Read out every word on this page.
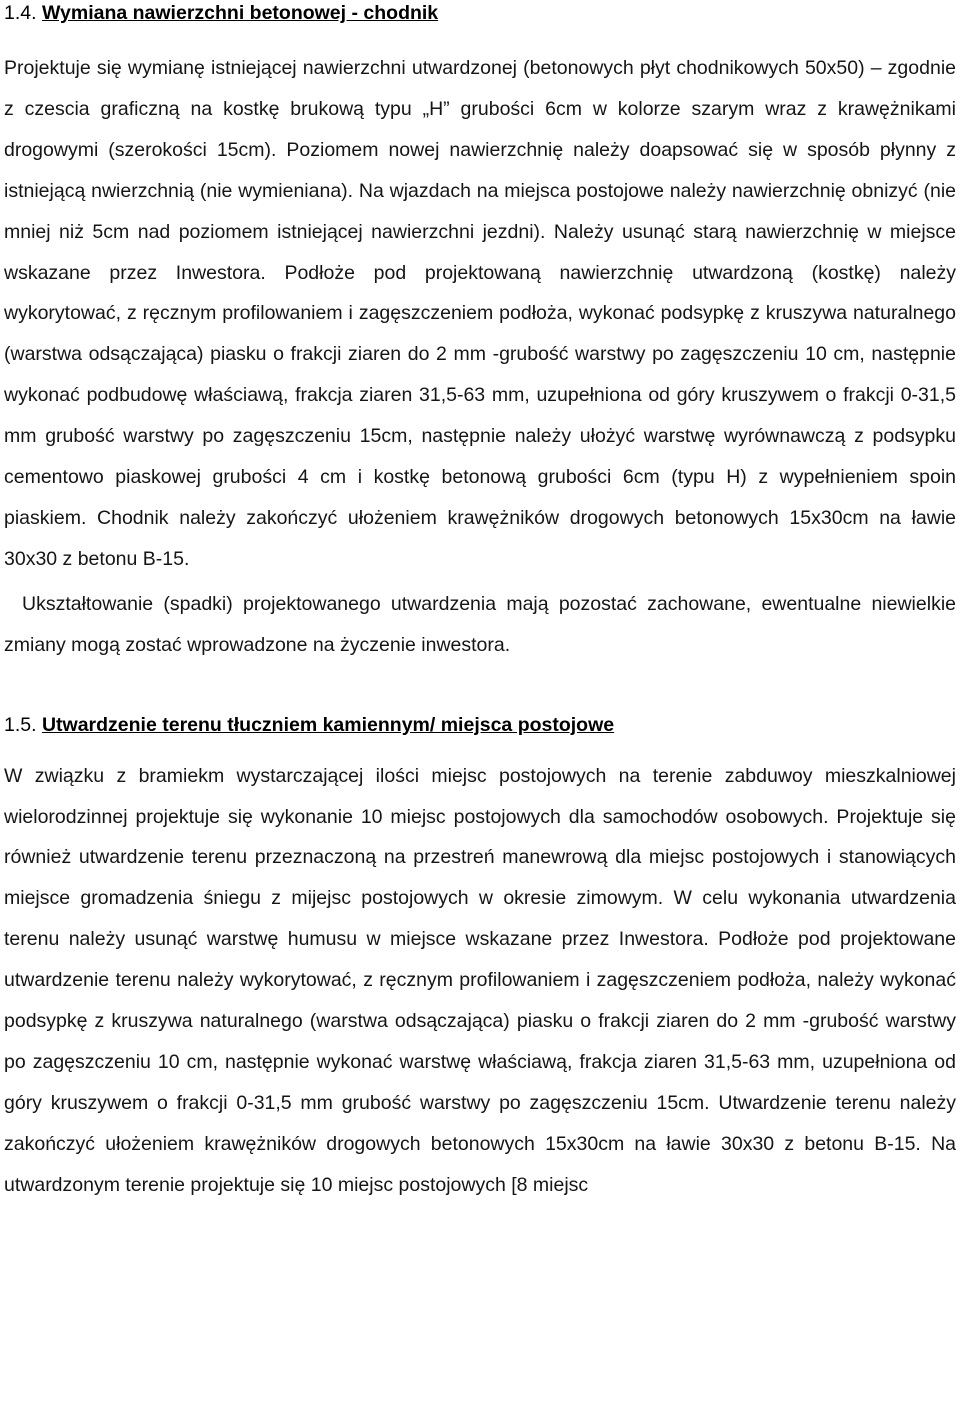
1.4. Wymiana nawierzchni betonowej - chodnik

Projektuje się wymianę istniejącej nawierzchni utwardzonej (betonowych płyt chodnikowych 50x50) – zgodnie z czescia graficzną na kostkę brukową typu „H” grubości 6cm w kolorze szarym wraz z krawężnikami drogowymi (szerokości 15cm). Poziomem nowej nawierzchnię należy doapsować się w sposób płynny z istniejącą nwierzchnią (nie wymieniana). Na wjazdach na miejsca postojowe należy nawierzchnię obnizyć (nie mniej niż 5cm nad poziomem istniejącej nawierzchni jezdni). Należy usunąć starą nawierzchnię w miejsce wskazane przez Inwestora. Podłoże pod projektowaną nawierzchnię utwardzoną (kostkę) należy wykorytować, z ręcznym profilowaniem i zagęszczeniem podłoża, wykonać podsypkę z kruszywa naturalnego (warstwa odsączająca) piasku o frakcji ziaren do 2 mm -grubość warstwy po zagęszczeniu 10 cm, następnie wykonać podbudowę właściawą, frakcja ziaren 31,5-63 mm, uzupełniona od góry kruszywem o frakcji 0-31,5 mm grubość warstwy po zagęszczeniu 15cm, następnie należy ułożyć warstwę wyrównawczą z podsypku cementowo piaskowej grubości 4 cm i kostkę betonową grubości 6cm (typu H) z wypełnieniem spoin piaskiem. Chodnik należy zakończyć ułożeniem krawężników drogowych betonowych 15x30cm na ławie 30x30 z betonu B-15.

Ukształtowanie (spadki) projektowanego utwardzenia mają pozostać zachowane, ewentualne niewielkie zmiany mogą zostać wprowadzone na życzenie inwestora.

1.5. Utwardzenie terenu tłuczniem kamiennym/ miejsca postojowe

W związku z bramiekm wystarczającej ilości miejsc postojowych na terenie zabduwoy mieszkalniowej wielorodzinnej projektuje się wykonanie 10 miejsc postojowych dla samochodów osobowych. Projektuje się również utwardzenie terenu przeznaczoną na przestreń manewrową dla miejsc postojowych i stanowiących miejsce gromadzenia śniegu z mijejsc postojowych w okresie zimowym. W celu wykonania utwardzenia terenu należy usunąć warstwę humusu w miejsce wskazane przez Inwestora. Podłoże pod projektowane utwardzenie terenu należy wykorytować, z ręcznym profilowaniem i zagęszczeniem podłoża, należy wykonać podsypkę z kruszywa naturalnego (warstwa odsączająca) piasku o frakcji ziaren do 2 mm -grubość warstwy po zagęszczeniu 10 cm, następnie wykonać warstwę właściawą, frakcja ziaren 31,5-63 mm, uzupełniona od góry kruszywem o frakcji 0-31,5 mm grubość warstwy po zagęszczeniu 15cm. Utwardzenie terenu należy zakończyć ułożeniem krawężników drogowych betonowych 15x30cm na ławie 30x30 z betonu B-15. Na utwardzonym terenie projektuje się 10 miejsc postojowych [8 miejsc
